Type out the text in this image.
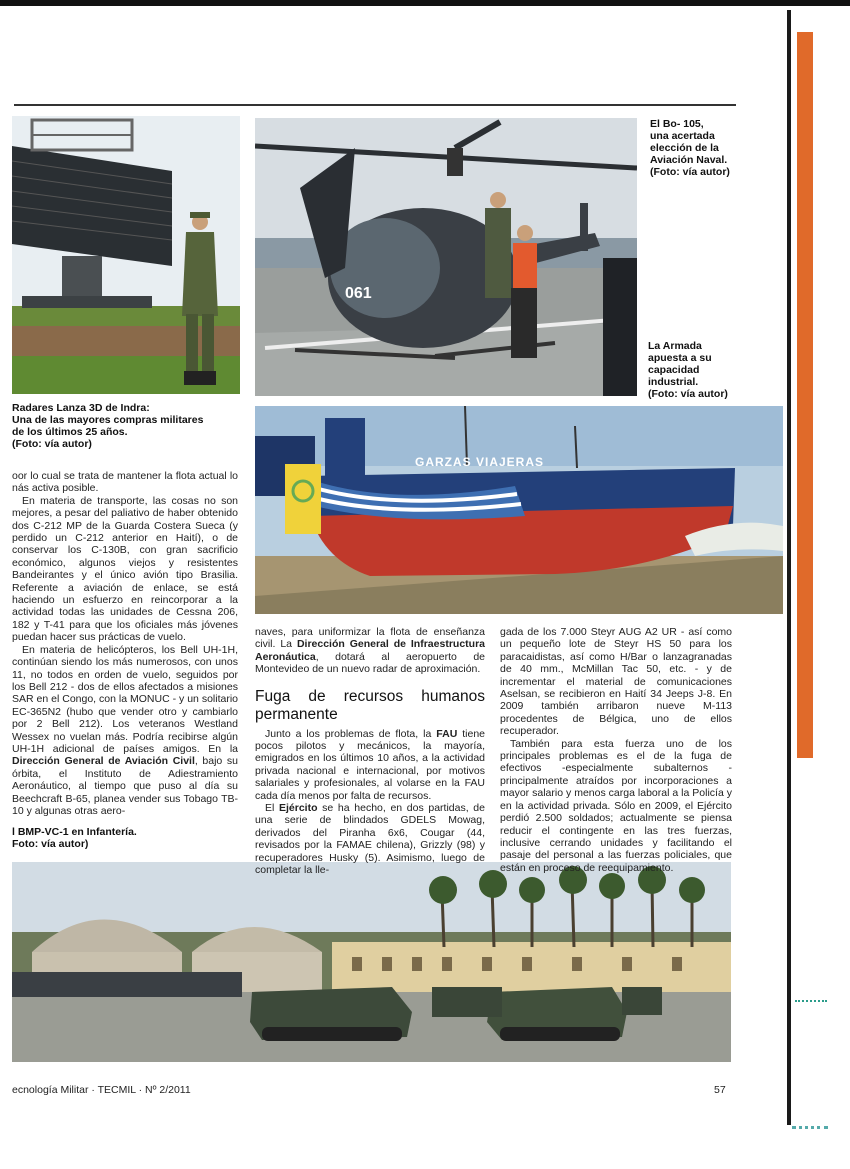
061
GARZAS VIAJERAS
El Bo- 105,
una acertada
elección de la
Aviación Naval.
(Foto: vía autor)
La Armada
apuesta a su
capacidad
industrial.
(Foto: vía autor)
Radares Lanza 3D de Indra:
Una de las mayores compras militares
de los últimos 25 años.
(Foto: vía autor)
l BMP-VC-1 en Infantería.
Foto: vía autor)

oor lo cual se trata de mantener la flota actual lo nás activa posible.

En materia de transporte, las cosas no son mejores, a pesar del paliativo de haber obtenido dos C-212 MP de la Guarda Costera Sueca (y perdido un C-212 anterior en Haití), o de conservar los C-130B, con gran sacrificio económico, algunos viejos y resistentes Bandeirantes y el único avión tipo Brasilia. Referente a aviación de enlace, se está haciendo un esfuerzo en reincorporar a la actividad todas las unidades de Cessna 206, 182 y T-41 para que los oficiales más jóvenes puedan hacer sus prácticas de vuelo.

En materia de helicópteros, los Bell UH-1H, continúan siendo los más numerosos, con unos 11, no todos en orden de vuelo, seguidos por los Bell 212 - dos de ellos afectados a misiones SAR en el Congo, con la MONUC - y un solitario EC-365N2 (hubo que vender otro y cambiarlo por 2 Bell 212). Los veteranos Westland Wessex no vuelan más. Podría recibirse algún UH-1H adicional de países amigos. En la Dirección General de Aviación Civil, bajo su órbita, el Instituto de Adiestramiento Aeronáutico, al tiempo que puso al día su Beechcraft B-65, planea vender sus Tobago TB-10 y algunas otras aero-

naves, para uniformizar la flota de enseñanza civil. La Dirección General de Infraestructura Aeronáutica, dotará al aeropuerto de Montevideo de un nuevo radar de aproximación.

Fuga de recursos humanos permanente

Junto a los problemas de flota, la FAU tiene pocos pilotos y mecánicos, la mayoría, emigrados en los últimos 10 años, a la actividad privada nacional e internacional, por motivos salariales y profesionales, al volarse en la FAU cada día menos por falta de recursos.

El Ejército se ha hecho, en dos partidas, de una serie de blindados GDELS Mowag, derivados del Piranha 6x6, Cougar (44, revisados por la FAMAE chilena), Grizzly (98) y recuperadores Husky (5). Asimismo, luego de completar la lle-

gada de los 7.000 Steyr AUG A2 UR - así como un pequeño lote de Steyr HS 50 para los paracaidistas, así como H/Bar o lanzagranadas de 40 mm., McMillan Tac 50, etc. - y de incrementar el material de comunicaciones Aselsan, se recibieron en Haití 34 Jeeps J-8. En 2009 también arribaron nueve M-113 procedentes de Bélgica, uno de ellos recuperador.

También para esta fuerza uno de los principales problemas es el de la fuga de efectivos -especialmente subalternos - principalmente atraídos por incorporaciones a mayor salario y menos carga laboral a la Policía y en la actividad privada. Sólo en 2009, el Ejército perdió 2.500 soldados; actualmente se piensa reducir el contingente en las tres fuerzas, inclusive cerrando unidades y facilitando el pasaje del personal a las fuerzas policiales, que están en proceso de reequipamiento.

ecnología Militar · TECMIL · Nº 2/2011	57
